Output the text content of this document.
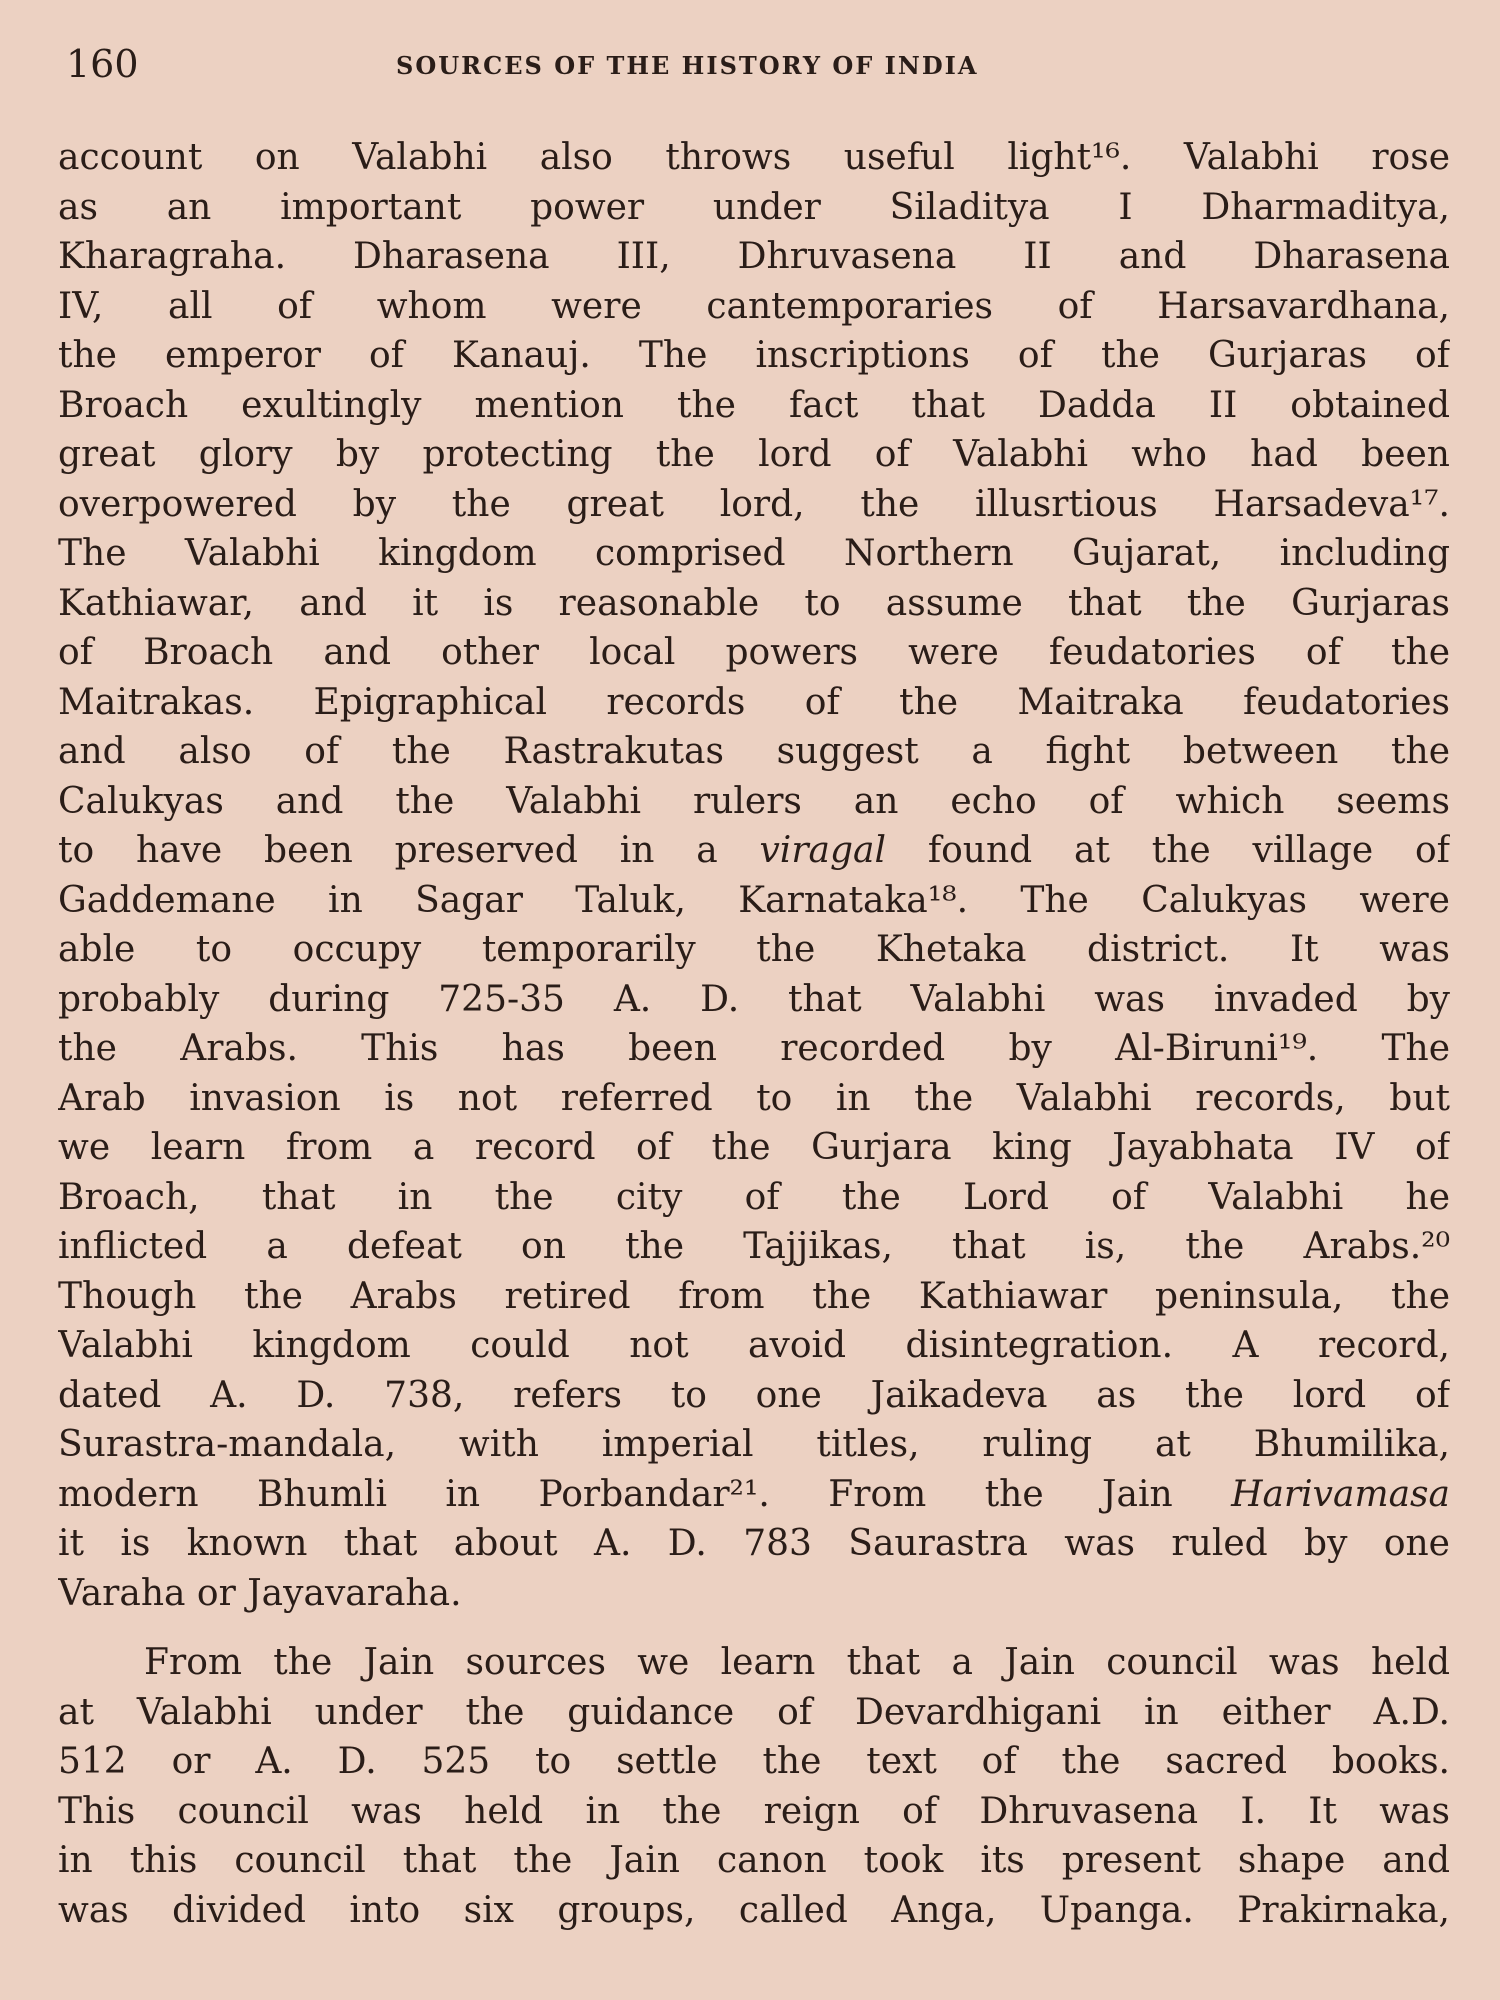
160	SOURCES OF THE HISTORY OF INDIA
account on Valabhi also throws useful light¹⁶. Valabhi rose
as an important power under Siladitya I Dharmaditya,
Kharagraha. Dharasena III, Dhruvasena II and Dharasena
IV, all of whom were cantemporaries of Harsavardhana,
the emperor of Kanauj. The inscriptions of the Gurjaras of
Broach exultingly mention the fact that Dadda II obtained
great glory by protecting the lord of Valabhi who had been
overpowered by the great lord, the illusrtious Harsadeva¹⁷.
The Valabhi kingdom comprised Northern Gujarat, including
Kathiawar, and it is reasonable to assume that the Gurjaras
of Broach and other local powers were feudatories of the
Maitrakas. Epigraphical records of the Maitraka feudatories
and also of the Rastrakutas suggest a fight between the
Calukyas and the Valabhi rulers an echo of which seems
to have been preserved in a viragal found at the village of
Gaddemane in Sagar Taluk, Karnataka¹⁸. The Calukyas were
able to occupy temporarily the Khetaka district. It was
probably during 725-35 A. D. that Valabhi was invaded by
the Arabs. This has been recorded by Al-Biruni¹⁹. The
Arab invasion is not referred to in the Valabhi records, but
we learn from a record of the Gurjara king Jayabhata IV of
Broach, that in the city of the Lord of Valabhi he
inflicted a defeat on the Tajjikas, that is, the Arabs.²⁰
Though the Arabs retired from the Kathiawar peninsula, the
Valabhi kingdom could not avoid disintegration. A record,
dated A. D. 738, refers to one Jaikadeva as the lord of
Surastra-mandala, with imperial titles, ruling at Bhumilika,
modern Bhumli in Porbandar²¹. From the Jain Harivamasa
it is known that about A. D. 783 Saurastra was ruled by one
Varaha or Jayavaraha.
From the Jain sources we learn that a Jain council was held
at Valabhi under the guidance of Devardhigani in either A.D.
512 or A. D. 525 to settle the text of the sacred books.
This council was held in the reign of Dhruvasena I. It was
in this council that the Jain canon took its present shape and
was divided into six groups, called Anga, Upanga. Prakirnaka,
